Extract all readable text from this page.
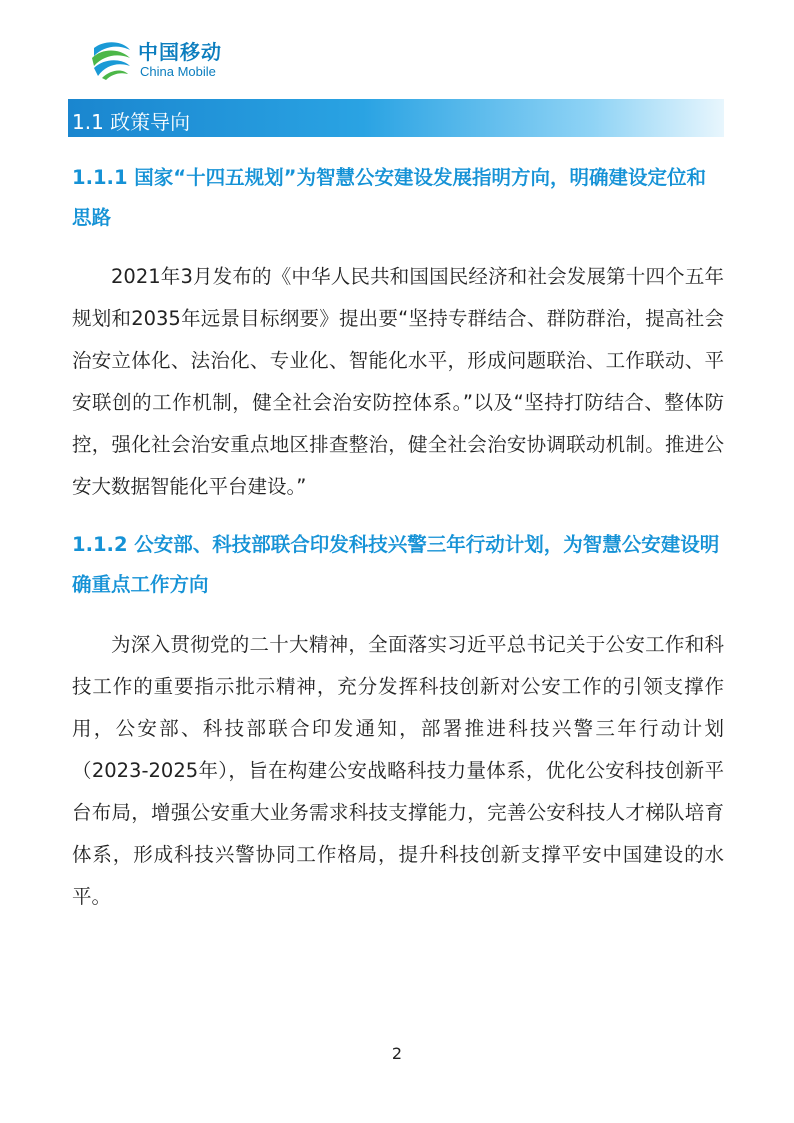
中国移动
China Mobile
1.1 政策导向
1.1.1 国家“十四五规划”为智慧公安建设发展指明方向，明确建设定位和思路
2021年3月发布的《中华人民共和国国民经济和社会发展第十四个五年规划和2035年远景目标纲要》提出要“坚持专群结合、群防群治，提高社会治安立体化、法治化、专业化、智能化水平，形成问题联治、工作联动、平安联创的工作机制，健全社会治安防控体系。”以及“坚持打防结合、整体防控，强化社会治安重点地区排查整治，健全社会治安协调联动机制。推进公安大数据智能化平台建设。”
1.1.2 公安部、科技部联合印发科技兴警三年行动计划，为智慧公安建设明确重点工作方向
为深入贯彻党的二十大精神，全面落实习近平总书记关于公安工作和科技工作的重要指示批示精神，充分发挥科技创新对公安工作的引领支撑作用，公安部、科技部联合印发通知，部署推进科技兴警三年行动计划（2023-2025年），旨在构建公安战略科技力量体系，优化公安科技创新平台布局，增强公安重大业务需求科技支撑能力，完善公安科技人才梯队培育体系，形成科技兴警协同工作格局，提升科技创新支撑平安中国建设的水平。
2
